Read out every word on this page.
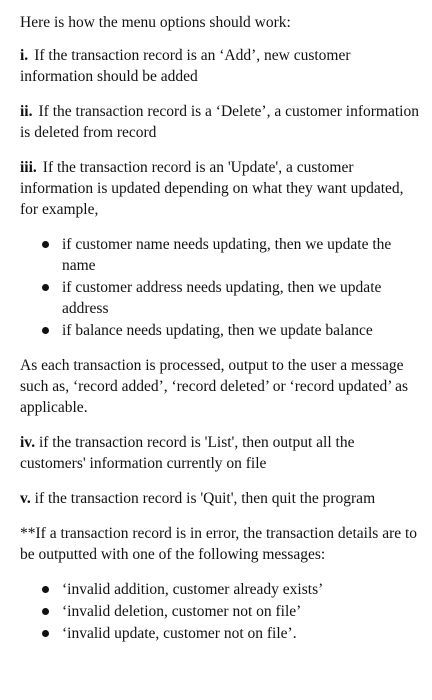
Here is how the menu options should work:

i. If the transaction record is an ‘Add’, new customer information should be added

ii. If the transaction record is a ‘Delete’, a customer information is deleted from record

iii. If the transaction record is an 'Update', a customer information is updated depending on what they want updated, for example,

if customer name needs updating, then we update the name
if customer address needs updating, then we update address
if balance needs updating, then we update balance

As each transaction is processed, output to the user a message such as, ‘record added’, ‘record deleted’ or ‘record updated’ as applicable.

iv. if the transaction record is 'List', then output all the customers' information currently on file

v. if the transaction record is 'Quit', then quit the program

**If a transaction record is in error, the transaction details are to be outputted with one of the following messages:

‘invalid addition, customer already exists’
‘invalid deletion, customer not on file’
‘invalid update, customer not on file’.
